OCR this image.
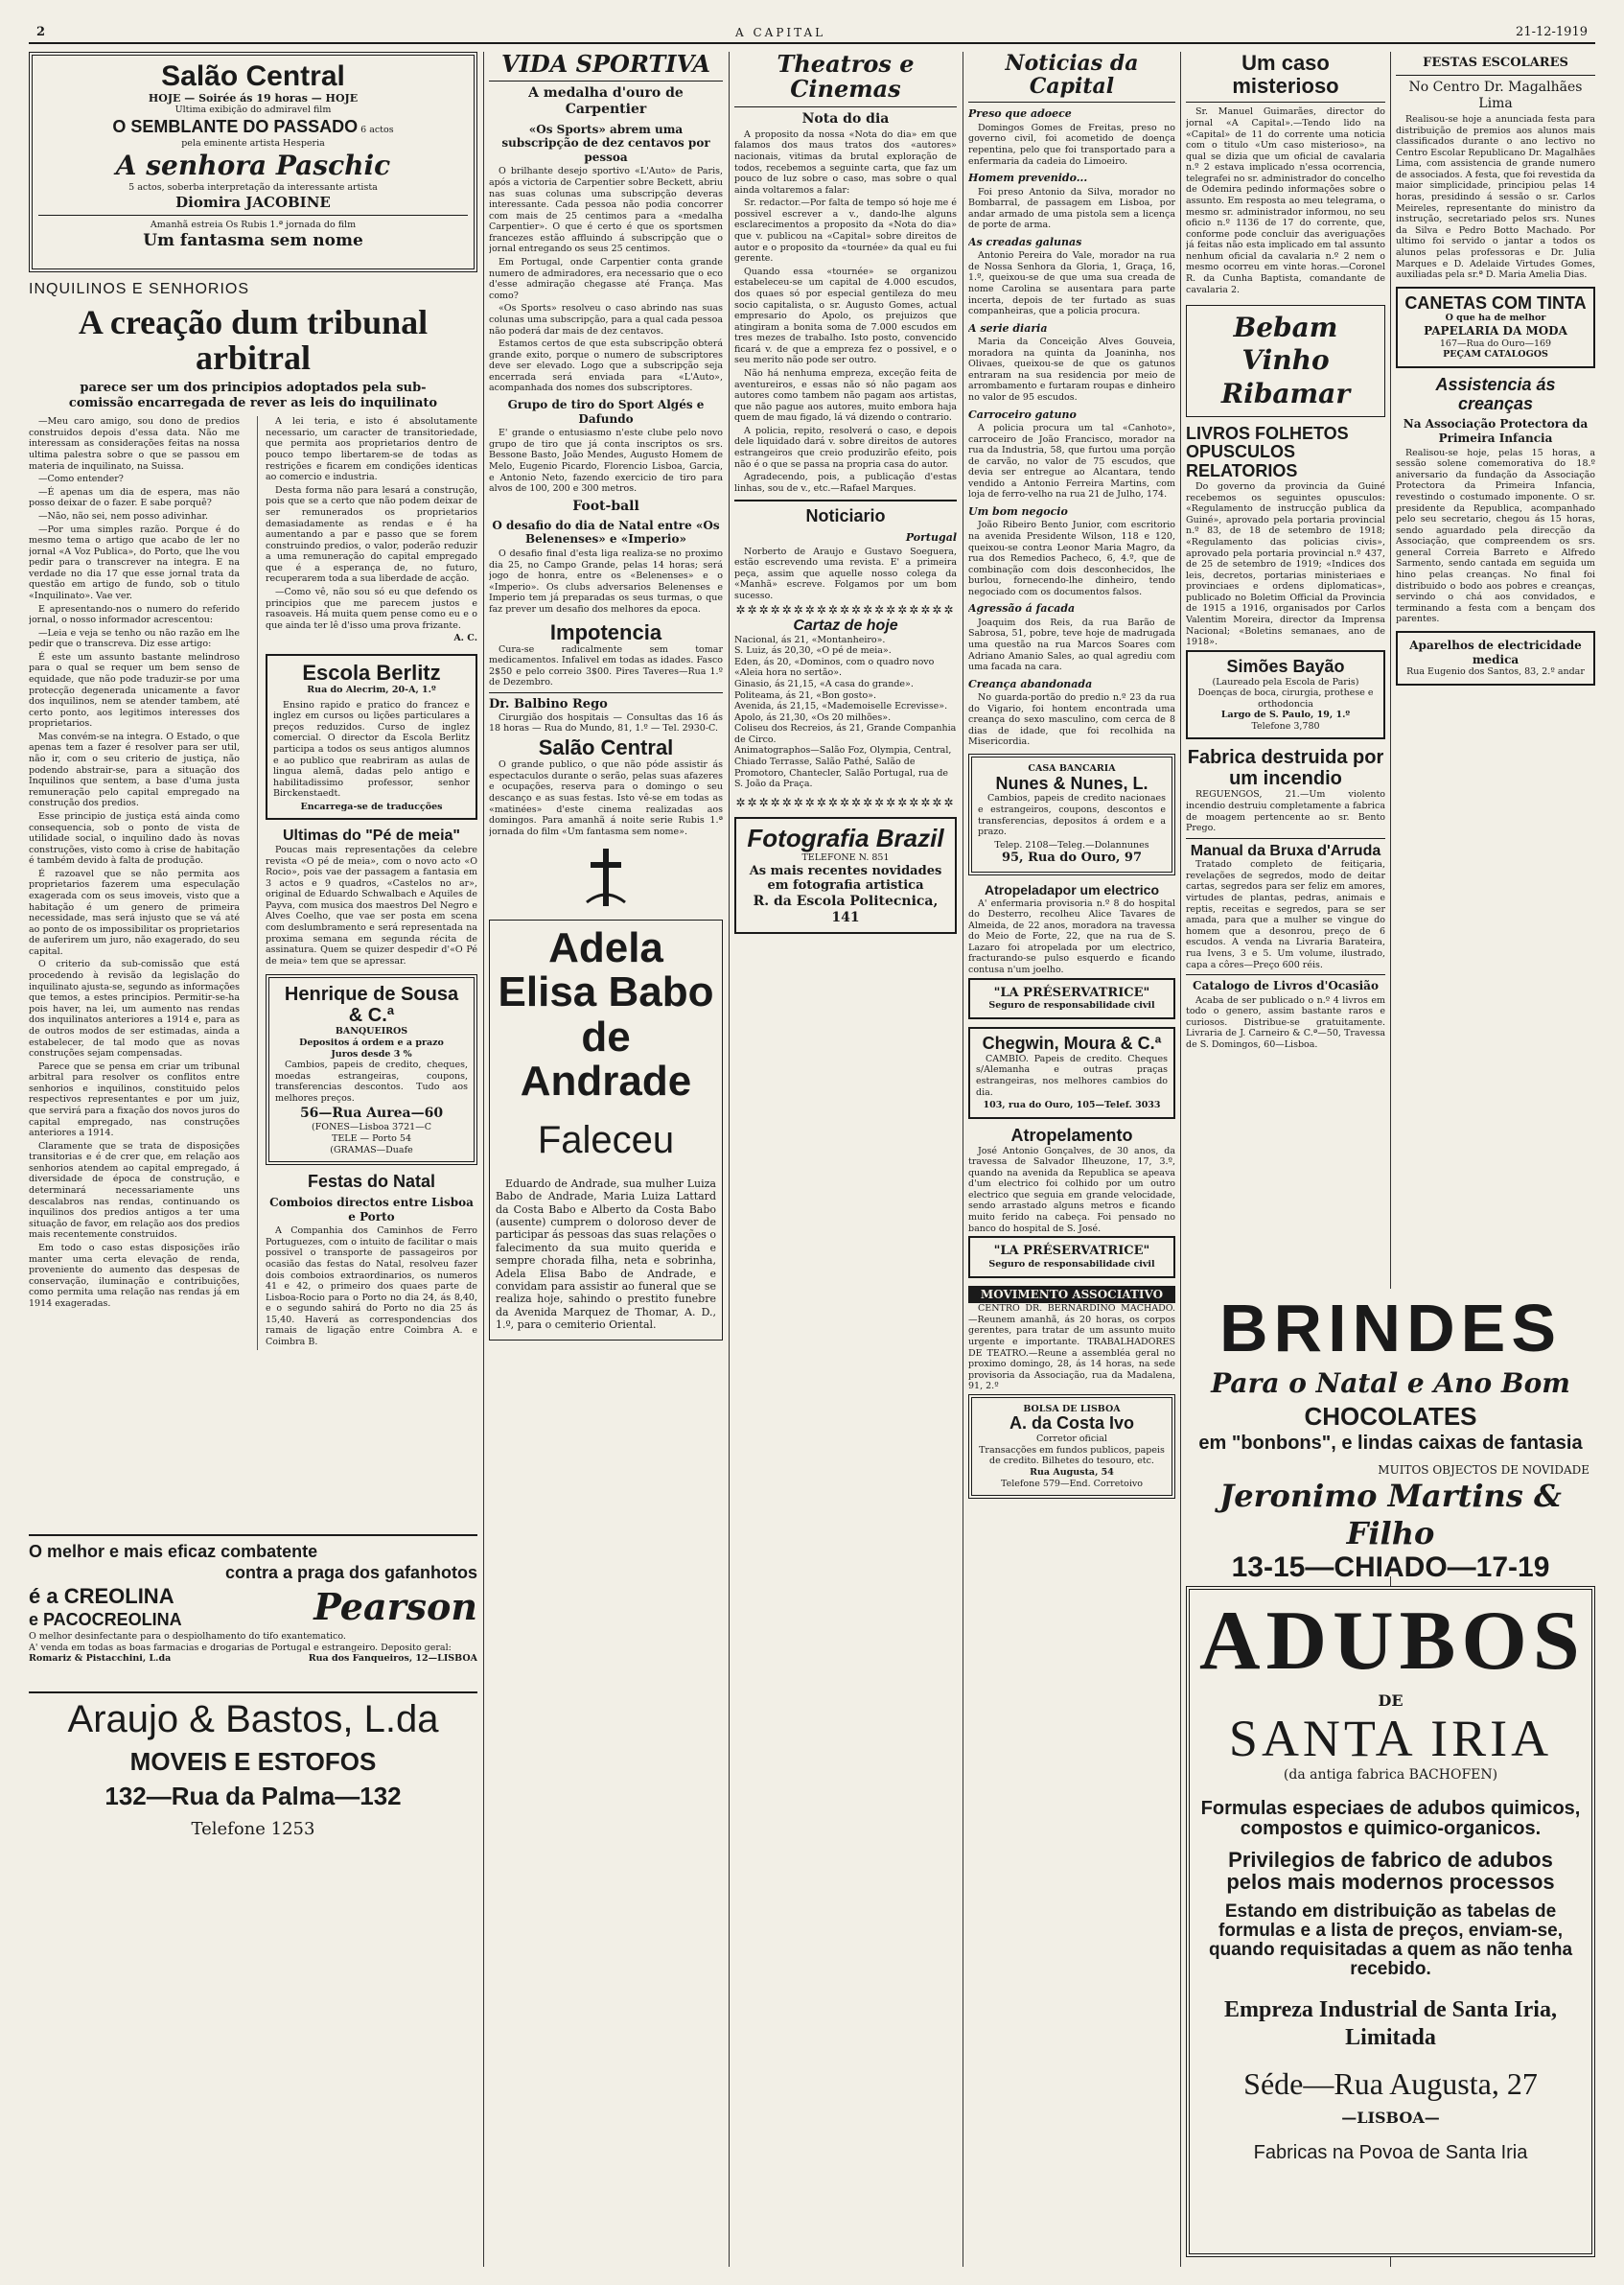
2	A CAPITAL	21-12-1919
Salão Central
HOJE — Soirée ás 19 horas — HOJE
Ultima exibição do admiravel film
O SEMBLANTE DO PASSADO 6 actos
pela eminente artista Hesperia
A senhora Paschic
5 actos, soberba interpretação da interessante artista
Diomira JACOBINE
Amanhã estreia Os Rubis 1.ª jornada do film
Um fantasma sem nome
INQUILINOS E SENHORIOS
A creação dum tribunal arbitral
parece ser um dos principios adoptados pela sub-comissão encarregada de rever as leis do inquilinato

—Meu caro amigo, sou dono de predios construidos depois d'essa data. Não me interessam as considerações feitas na nossa ultima palestra sobre o que se passou em materia de inquilinato, na Suissa.

—Como entender?

—É apenas um dia de espera, mas não posso deixar de o fazer. E sabe porquê?

—Não, não sei, nem posso adivinhar.

—Por uma simples razão. Porque é do mesmo tema o artigo que acabo de ler no jornal «A Voz Publica», do Porto, que lhe vou pedir para o transcrever na integra. E na verdade no dia 17 que esse jornal trata da questão em artigo de fundo, sob o titulo «Inquilinato». Vae ver.

E apresentando-nos o numero do referido jornal, o nosso informador acrescentou:

—Leia e veja se tenho ou não razão em lhe pedir que o transcreva. Diz esse artigo:

É este um assunto bastante melindroso para o qual se requer um bem senso de equidade, que não pode traduzir-se por uma protecção degenerada unicamente a favor dos inquilinos, nem se atender tambem, até certo ponto, aos legitimos interesses dos proprietarios.

Mas convém-se na integra. O Estado, o que apenas tem a fazer é resolver para ser util, não ir, com o seu criterio de justiça, não podendo abstrair-se, para a situação dos Inquilinos que sentem, a base d'uma justa remuneração pelo capital empregado na construção dos predios.

Esse principio de justiça está ainda como consequencia, sob o ponto de vista de utilidade social, o inquilino dado às novas construções, visto como à crise de habitação é também devido à falta de produção.

É razoavel que se não permita aos proprietarios fazerem uma especulação exagerada com os seus imoveis, visto que a habitação é um genero de primeira necessidade, mas será injusto que se vá até ao ponto de os impossibilitar os proprietarios de auferirem um juro, não exagerado, do seu capital.

O criterio da sub-comissão que está procedendo à revisão da legislação do inquilinato ajusta-se, segundo as informações que temos, a estes principios. Permitir-se-ha pois haver, na lei, um aumento nas rendas dos inquilinatos anteriores a 1914 e, para as de outros modos de ser estimadas, ainda a estabelecer, de tal modo que as novas construções sejam compensadas.

Parece que se pensa em criar um tribunal arbitral para resolver os conflitos entre senhorios e inquilinos, constituido pelos respectivos representantes e por um juiz, que servirá para a fixação dos novos juros do capital empregado, nas construções anteriores a 1914.

Claramente que se trata de disposições transitorias e é de crer que, em relação aos senhorios atendem ao capital empregado, á diversidade de época de construção, e determinará necessariamente uns descalabros nas rendas, continuando os inquilinos dos predios antigos a ter uma situação de favor, em relação aos dos predios mais recentemente construidos.

Em todo o caso estas disposições irão manter uma certa elevação de renda, proveniente do aumento das despesas de conservação, iluminação e contribuições, como permita uma relação nas rendas já em 1914 exageradas.

A lei teria, e isto é absolutamente necessario, um caracter de transitoriedade, que permita aos proprietarios dentro de pouco tempo libertarem-se de todas as restrições e ficarem em condições identicas ao comercio e industria.

Desta forma não para lesará a construção, pois que se a certo que não podem deixar de ser remunerados os proprietarios demasiadamente as rendas e é ha aumentando a par e passo que se forem construindo predios, o valor, poderão reduzir a uma remuneração do capital empregado que é a esperança de, no futuro, recuperarem toda a sua liberdade de acção.

—Como vê, não sou só eu que defendo os principios que me parecem justos e rasoaveis. Há muita quem pense como eu e o que ainda ter lê d'isso uma prova frizante.

A. C.
Escola Berlitz
Rua do Alecrim, 20-A, 1.º

Ensino rapido e pratico do francez e inglez em cursos ou lições particulares a preços reduzidos. Curso de inglez comercial. O director da Escola Berlitz participa a todos os seus antigos alumnos e ao publico que reabriram as aulas de lingua alemã, dadas pelo antigo e habilitadissimo professor, senhor Birckenstaedt.

Encarrega-se de traducções
Ultimas do "Pé de meia"

Poucas mais representações da celebre revista «O pé de meia», com o novo acto «O Rocio», pois vae der passagem a fantasia em 3 actos e 9 quadros, «Castelos no ar», original de Eduardo Schwalbach e Aquiles de Payva, com musica dos maestros Del Negro e Alves Coelho, que vae ser posta em scena com deslumbramento e será representada na proxima semana em segunda récita de assinatura. Quem se quizer despedir d'«O Pé de meia» tem que se apressar.

Henrique de Sousa & C.ª
BANQUEIROS
Depositos á ordem e a prazo
Juros desde 3 %

Cambios, papeis de credito, cheques, moedas estrangeiras, coupons, transferencias descontos. Tudo aos melhores preços.

56—Rua Aurea—60
(FONES—Lisboa 3721—C
TELE — Porto 54
(GRAMAS—Duafe
Festas do Natal
Comboios directos entre Lisboa e Porto

A Companhia dos Caminhos de Ferro Portuguezes, com o intuito de facilitar o mais possivel o transporte de passageiros por ocasião das festas do Natal, resolveu fazer dois comboios extraordinarios, os numeros 41 e 42, o primeiro dos quaes parte de Lisboa-Rocio para o Porto no dia 24, ás 8,40, e o segundo sahirá do Porto no dia 25 ás 15,40. Haverá as correspondencias dos ramais de ligação entre Coimbra A. e Coimbra B.

O melhor e mais eficaz combatente
contra a praga dos gafanhotos
é a CREOLINA
e PACOCREOLINA	Pearson
O melhor desinfectante para o despiolhamento do tifo exantematico.
A' venda em todas as boas farmacias e drogarias de Portugal e estrangeiro. Deposito geral:
Romariz & Pistacchini, L.da	Rua dos Fanqueiros, 12—LISBOA
Araujo & Bastos, L.da
MOVEIS E ESTOFOS
132—Rua da Palma—132
Telefone 1253
VIDA SPORTIVA
A medalha d'ouro de Carpentier
«Os Sports» abrem uma subscripção de dez centavos por pessoa

O brilhante desejo sportivo «L'Auto» de Paris, após a victoria de Carpentier sobre Beckett, abriu nas suas colunas uma subscripção deveras interessante. Cada pessoa não podia concorrer com mais de 25 centimos para a «medalha Carpentier». O que é certo é que os sportsmen francezes estão affluindo á subscripção que o jornal entregando os seus 25 centimos.

Em Portugal, onde Carpentier conta grande numero de admiradores, era necessario que o eco d'esse admiração chegasse até França. Mas como?

«Os Sports» resolveu o caso abrindo nas suas colunas uma subscripção, para a qual cada pessoa não poderá dar mais de dez centavos.

Estamos certos de que esta subscripção obterá grande exito, porque o numero de subscriptores deve ser elevado. Logo que a subscripção seja encerrada será enviada para «L'Auto», acompanhada dos nomes dos subscriptores.

Grupo de tiro do Sport Algés e Dafundo

E' grande o entusiasmo n'este clube pelo novo grupo de tiro que já conta inscriptos os srs. Bessone Basto, João Mendes, Augusto Homem de Melo, Eugenio Picardo, Florencio Lisboa, Garcia, e Antonio Neto, fazendo exercicio de tiro para alvos de 100, 200 e 300 metros.

Foot-ball
O desafio do dia de Natal entre «Os Belenenses» e «Imperio»

O desafio final d'esta liga realiza-se no proximo dia 25, no Campo Grande, pelas 14 horas; será jogo de honra, entre os «Belenenses» e o «Imperio». Os clubs adversarios Belenenses e Imperio tem já preparadas os seus turmas, o que faz prever um desafio dos melhores da epoca.

Impotencia

Cura-se radicalmente sem tomar medicamentos. Infalivel em todas as idades. Fasco 2$50 e pelo correio 3$00. Pires Taveres—Rua 1.º de Dezembro.

Dr. Balbino Rego

Cirurgião dos hospitais — Consultas das 16 ás 18 horas — Rua do Mundo, 81, 1.º — Tel. 2930-C.

Salão Central

O grande publico, o que não póde assistir ás espectaculos durante o serão, pelas suas afazeres e ocupações, reserva para o domingo o seu descanço e as suas festas. Isto vê-se em todas as «matinées» d'este cinema realizadas aos domingos. Para amanhã á noite serie Rubis 1.ª jornada do film «Um fantasma sem nome».

Adela Elisa Babo
de Andrade
Faleceu

Eduardo de Andrade, sua mulher Luiza Babo de Andrade, Maria Luiza Lattard da Costa Babo e Alberto da Costa Babo (ausente) cumprem o doloroso dever de participar ás pessoas das suas relações o falecimento da sua muito querida e sempre chorada filha, neta e sobrinha, Adela Elisa Babo de Andrade, e convidam para assistir ao funeral que se realiza hoje, sahindo o prestito funebre da Avenida Marquez de Thomar, A. D., 1.º, para o cemiterio Oriental.

Theatros e Cinemas
Nota do dia

A proposito da nossa «Nota do dia» em que falamos dos maus tratos dos «autores» nacionais, vitimas da brutal exploração de todos, recebemos a seguinte carta, que faz um pouco de luz sobre o caso, mas sobre o qual ainda voltaremos a falar:

Sr. redactor.—Por falta de tempo só hoje me é possivel escrever a v., dando-lhe alguns esclarecimentos a proposito da «Nota do dia» que v. publicou na «Capital» sobre direitos de autor e o proposito da «tournée» da qual eu fui gerente.

Quando essa «tournée» se organizou estabeleceu-se um capital de 4.000 escudos, dos quaes só por especial gentileza do meu socio capitalista, o sr. Augusto Gomes, actual empresario do Apolo, os prejuizos que atingiram a bonita soma de 7.000 escudos em tres mezes de trabalho. Isto posto, convencido ficará v. de que a empreza fez o possivel, e o seu merito não pode ser outro.

Não há nenhuma empreza, exceção feita de aventureiros, e essas não só não pagam aos autores como tambem não pagam aos artistas, que não pague aos autores, muito embora haja quem de mau figado, lá vá dizendo o contrario.

A policia, repito, resolverá o caso, e depois dele liquidado dará v. sobre direitos de autores estrangeiros que creio produzirão efeito, pois não é o que se passa na propria casa do autor.

Agradecendo, pois, a publicação d'estas linhas, sou de v., etc.—Rafael Marques.

Noticiario
Portugal

Norberto de Araujo e Gustavo Soeguera, estão escrevendo uma revista. E' a primeira peça, assim que aquelle nosso colega da «Manhã» escreve. Folgamos por um bom sucesso.

✲✲✲✲✲✲✲✲✲✲✲✲✲✲✲✲✲✲✲
Cartaz de hoje
Nacional, ás 21, «Montanheiro».
S. Luiz, ás 20,30, «O pé de meia».
Eden, ás 20, «Dominos, com o quadro novo «Aleia hora no sertão».
Ginasio, ás 21,15, «A casa do grande».
Politeama, ás 21, «Bon gosto».
Avenida, ás 21,15, «Mademoiselle Ecrevisse».
Apolo, ás 21,30, «Os 20 milhões».
Coliseu dos Recreios, ás 21, Grande Companhia de Circo.
Animatographos—Salão Foz, Olympia, Central, Chiado Terrasse, Salão Pathé, Salão de Promotoro, Chantecler, Salão Portugal, rua de S. João da Praça.
✲✲✲✲✲✲✲✲✲✲✲✲✲✲✲✲✲✲✲
Fotografia Brazil
TELEFONE N. 851
As mais recentes novidades
em fotografia artistica
R. da Escola Politecnica, 141
Noticias da Capital
Preso que adoece

Domingos Gomes de Freitas, preso no governo civil, foi acometido de doença repentina, pelo que foi transportado para a enfermaria da cadeia do Limoeiro.

Homem prevenido...

Foi preso Antonio da Silva, morador no Bombarral, de passagem em Lisboa, por andar armado de uma pistola sem a licença de porte de arma.

As creadas galunas

Antonio Pereira do Vale, morador na rua de Nossa Senhora da Gloria, 1, Graça, 16, 1.º, queixou-se de que uma sua creada de nome Carolina se ausentara para parte incerta, depois de ter furtado as suas companheiras, que a policia procura.

A serie diaria

Maria da Conceição Alves Gouveia, moradora na quinta da Joaninha, nos Olivaes, queixou-se de que os gatunos entraram na sua residencia por meio de arrombamento e furtaram roupas e dinheiro no valor de 95 escudos.

Carroceiro gatuno

A policia procura um tal «Canhoto», carroceiro de João Francisco, morador na rua da Industria, 58, que furtou uma porção de carvão, no valor de 75 escudos, que devia ser entregue ao Alcantara, tendo vendido a Antonio Ferreira Martins, com loja de ferro-velho na rua 21 de Julho, 174.

Um bom negocio

João Ribeiro Bento Junior, com escritorio na avenida Presidente Wilson, 118 e 120, queixou-se contra Leonor Maria Magro, da rua dos Remedios Pacheco, 6, 4.º, que de combinação com dois desconhecidos, lhe burlou, fornecendo-lhe dinheiro, tendo negociado com os documentos falsos.

Agressão á facada

Joaquim dos Reis, da rua Barão de Sabrosa, 51, pobre, teve hoje de madrugada uma questão na rua Marcos Soares com Adriano Amanio Sales, ao qual agrediu com uma facada na cara.

Creança abandonada

No guarda-portão do predio n.º 23 da rua do Vigario, foi hontem encontrada uma creança do sexo masculino, com cerca de 8 dias de idade, que foi recolhida na Misericordia.

CASA BANCARIA
Nunes & Nunes, L.

Cambios, papeis de credito nacionaes e estrangeiros, coupons, descontos e transferencias, depositos á ordem e a prazo.

Telep. 2108—Teleg.—Dolannunes
95, Rua do Ouro, 97
Atropeladapor um electrico

A' enfermaria provisoria n.º 8 do hospital do Desterro, recolheu Alice Tavares de Almeida, de 22 anos, moradora na travessa do Meio de Forte, 22, que na rua de S. Lazaro foi atropelada por um electrico, fracturando-se pulso esquerdo e ficando contusa n'um joelho.

"LA PRÉSERVATRICE"
Seguro de responsabilidade civil
Chegwin, Moura & C.ª

CAMBIO. Papeis de credito. Cheques s/Alemanha e outras praças estrangeiras, nos melhores cambios do dia.

103, rua do Ouro, 105—Telef. 3033
Atropelamento

José Antonio Gonçalves, de 30 anos, da travessa de Salvador Ilheuzone, 17, 3.º, quando na avenida da Republica se apeava d'um electrico foi colhido por um outro electrico que seguia em grande velocidade, sendo arrastado alguns metros e ficando muito ferido na cabeça. Foi pensado no banco do hospital de S. José.

"LA PRÉSERVATRICE"
Seguro de responsabilidade civil
MOVIMENTO ASSOCIATIVO

CENTRO DR. BERNARDINO MACHADO.—Reunem amanhã, ás 20 horas, os corpos gerentes, para tratar de um assunto muito urgente e importante. TRABALHADORES DE TEATRO.—Reune a assembléa geral no proximo domingo, 28, ás 14 horas, na sede provisoria da Associação, rua da Madalena, 91, 2.º

BOLSA DE LISBOA
A. da Costa Ivo
Corretor oficial
Transacções em fundos publicos, papeis de credito. Bilhetes do tesouro, etc.
Rua Augusta, 54
Telefone 579—End. Corretoivo
Um caso misterioso

Sr. Manuel Guimarães, director do jornal «A Capital».—Tendo lido na «Capital» de 11 do corrente uma noticia com o titulo «Um caso misterioso», na qual se dizia que um oficial de cavalaria n.º 2 estava implicado n'essa ocorrencia, telegrafei no sr. administrador do concelho de Odemira pedindo informações sobre o assunto. Em resposta ao meu telegrama, o mesmo sr. administrador informou, no seu oficio n.º 1136 de 17 do corrente, que, conforme pode concluir das averiguações já feitas não esta implicado em tal assunto nenhum oficial da cavalaria n.º 2 nem o mesmo ocorreu em vinte horas.—Coronel R. da Cunha Baptista, comandante de cavalaria 2.

Bebam Vinho
Ribamar
LIVROS FOLHETOS OPUSCULOS RELATORIOS

Do governo da provincia da Guiné recebemos os seguintes opusculos: «Regulamento de instrucção publica da Guiné», aprovado pela portaria provincial n.º 83, de 18 de setembro de 1918; «Regulamento das policias civis», aprovado pela portaria provincial n.º 437, de 25 de setembro de 1919; «Indices dos leis, decretos, portarias ministeriaes e provinciaes e ordens diplomaticas», publicado no Boletim Official da Provincia de 1915 a 1916, organisados por Carlos Valentim Moreira, director da Imprensa Nacional; «Boletins semanaes, ano de 1918».

Simões Bayão
(Laureado pela Escola de Paris)
Doenças de boca, cirurgia, prothese e orthodoncia
Largo de S. Paulo, 19, 1.º
Telefone 3,780
Fabrica destruida por um incendio

REGUENGOS, 21.—Um violento incendio destruiu completamente a fabrica de moagem pertencente ao sr. Bento Prego.

Manual da Bruxa d'Arruda

Tratado completo de feitiçaria, revelações de segredos, modo de deitar cartas, segredos para ser feliz em amores, virtudes de plantas, pedras, animais e reptis, receitas e segredos, para se ser amada, para que a mulher se vingue do homem que a desonrou, preço de 6 escudos. A venda na Livraria Barateira, rua Ivens, 3 e 5. Um volume, ilustrado, capa a côres—Preço 600 réis.

Catalogo de Livros d'Ocasião

Acaba de ser publicado o n.º 4 livros em todo o genero, assim bastante raros e curiosos. Distribue-se gratuitamente. Livraria de J. Carneiro & C.ª—50, Travessa de S. Domingos, 60—Lisboa.

FESTAS ESCOLARES
No Centro Dr. Magalhães Lima

Realisou-se hoje a anunciada festa para distribuição de premios aos alunos mais classificados durante o ano lectivo no Centro Escolar Republicano Dr. Magalhães Lima, com assistencia de grande numero de associados. A festa, que foi revestida da maior simplicidade, principiou pelas 14 horas, presidindo á sessão o sr. Carlos Meireles, representante do ministro da instrução, secretariado pelos srs. Nunes da Silva e Pedro Botto Machado. Por ultimo foi servido o jantar a todos os alunos pelas professoras e Dr. Julia Marques e D. Adelaide Virtudes Gomes, auxiliadas pela sr.ª D. Maria Amelia Dias.

CANETAS COM TINTA
O que ha de melhor
PAPELARIA DA MODA
167—Rua do Ouro—169
PEÇAM CATALOGOS
Assistencia ás creanças
Na Associação Protectora da Primeira Infancia

Realisou-se hoje, pelas 15 horas, a sessão solene comemorativa do 18.º aniversario da fundação da Associação Protectora da Primeira Infancia, revestindo o costumado imponente. O sr. presidente da Republica, acompanhado pelo seu secretario, chegou ás 15 horas, sendo aguardado pela direcção da Associação, que compreendem os srs. general Correia Barreto e Alfredo Sarmento, sendo cantada em seguida um hino pelas creanças. No final foi distribuido o bodo aos pobres e creanças, servindo o chá aos convidados, e terminando a festa com a bençam dos parentes.

Aparelhos de electricidade medica
Rua Eugenio dos Santos, 83, 2.º andar
BRINDES
Para o Natal e Ano Bom
CHOCOLATES
em "bonbons", e lindas caixas de fantasia
MUITOS OBJECTOS DE NOVIDADE
Jeronimo Martins & Filho
13-15—CHIADO—17-19
ADUBOS
DE
SANTA IRIA
(da antiga fabrica BACHOFEN)
Formulas especiaes de adubos quimicos, compostos e quimico-organicos.
Privilegios de fabrico de adubos pelos mais modernos processos
Estando em distribuição as tabelas de formulas e a lista de preços, enviam-se, quando requisitadas a quem as não tenha recebido.
Empreza Industrial de Santa Iria, Limitada
Séde—Rua Augusta, 27
—LISBOA—
Fabricas na Povoa de Santa Iria
